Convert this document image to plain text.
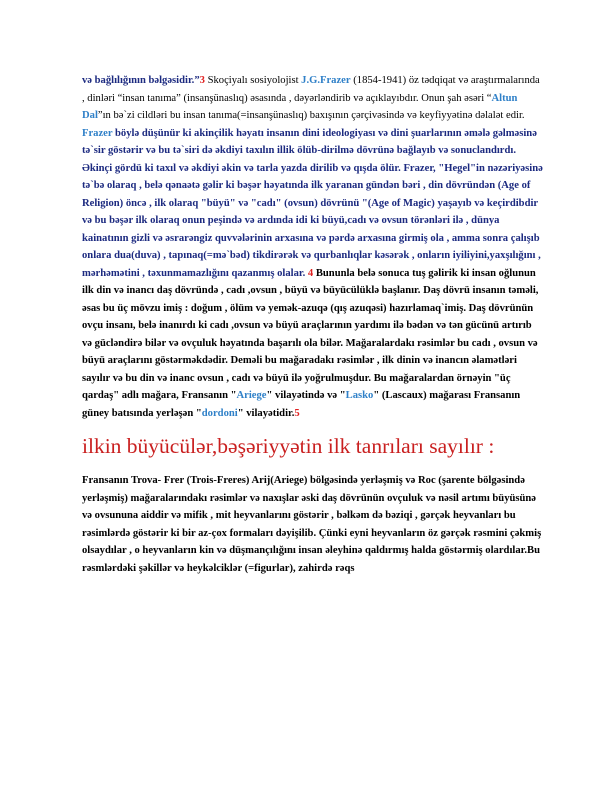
və bağlılığının bəlgəsidir.”3 Skoçiyalı sosiyolojist J.G.Frazer (1854-1941) öz tədqiqat və araştırmalarında , dinləri “insan tanıma” (insanşünaslıq) əsasında , dəyərləndirib və açıklayıbdır. Onun şah əsəri “Altun Dal”ın bə`zi cildləri bu insan tanıma(=insanşünaslıq) baxışının çərçivəsində və keyfiyyətinə dəlalət edir. Frazer böylə düşünür ki akinçilik həyatı insanın dini ideologiyası və dini şuarlarının əmələ gəlməsinə tə`sir göstərir və bu tə`siri də əkdiyi taxılın illik ölüb-dirilmə dövrünə bağlayıb və sonuclandırdı. Əkinçi gördü ki taxıl və əkdiyi əkin və tarla yazda dirilib və qışda ölür. Frazer, "Hegel"in nəzəriyəsinə tə`bə olaraq , belə qənaətə gəlir ki bəşər həyatında ilk yaranan gündən bəri , din dövründən (Age of Religion) öncə , ilk olaraq "büyü" və "cadı" (ovsun) dövrünü "(Age of Magic) yaşayıb və keçirdibdir və bu bəşər ilk olaraq onun peşində və ardında idi ki büyü,cadı və ovsun törənləri ilə , dünya kainatının gizli və əsrarəngiz quvvələrinin arxasına və pərdə arxasına girmiş ola , amma sonra çalışıb onlara dua(duva) , tapınaq(=mə`bəd) tikdirərək və qurbanlıqlar kəsərək , onların iyiliyini,yaxşılığını , mərhəmətini , təxunmamazlığını qazanmış olalar. 4 Bununla belə sonuca tuş gəlirik ki insan oğlunun ilk din və inancı daş dövründə , cadı ,ovsun , büyü və büyücülüklə başlanır. Daş dövrü insanın təməli, əsas bu üç mövzu imiş : doğum , ölüm və yemək-azuqə (qış azuqəsi) hazırlamaq`imiş. Daş dövrünün ovçu insanı, belə inanırdı ki cadı ,ovsun və büyü araçlarının yardımı ilə bədən və tən gücünü artırıb və gücləndirə bilər və ovçuluk həyatında başarılı ola bilər. Mağaralardakı rəsimlər bu cadı , ovsun və büyü araçlarını göstərməkdədir. Deməli bu mağaradakı rəsimlər , ilk dinin və inancın əlamətləri sayılır və bu din və inanc ovsun , cadı və büyü ilə yoğrulmuşdur. Bu mağaralardan örnəyin "üç qardaş" adlı mağara, Fransanın "Ariege" vilayətində və "Lasko" (Lascaux) mağarası Fransanın güney batısında yerləşən "dordoni" vilayətidir.5

ilkin büyücülər,bəşəriyyətin ilk tanrıları sayılır :

Fransanın Trova- Frer (Trois-Freres) Arij(Ariege) bölgəsində yerləşmiş və Roc (şarente bölgəsində yerləşmiş) mağaralarındakı rəsimlər və naxışlar əski daş dövrünün ovçuluk və nəsil artımı büyüsünə və ovsununa aiddir və mifik , mit heyvanlarını göstərir , bəlkəm də bəziqi , gərçək heyvanları bu rəsimlərdə göstərir ki bir az-çox formaları dəyişilib. Çünki eyni heyvanların öz gərçək rəsmini çəkmiş olsaydılar , o heyvanların kin və düşmançılığını insan əleyhinə qaldırmış halda göstərmiş olardılar.Bu rəsmlərdəki şəkillər və heykəlciklər (=figurlar), zahirdə rəqs
